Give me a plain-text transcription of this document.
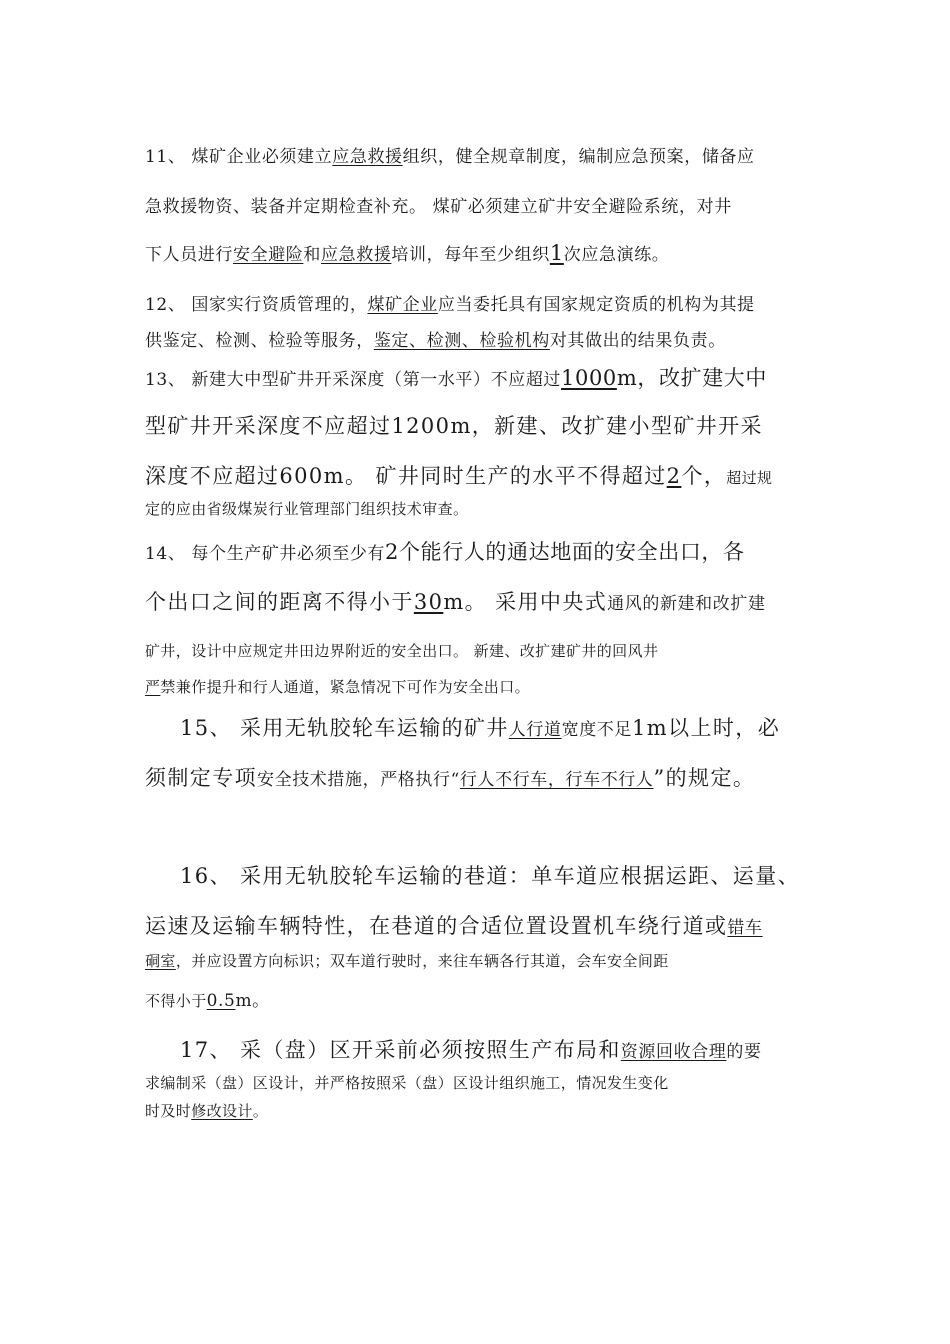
11、 煤矿企业必须建立应急救援组织，健全规章制度，编制应急预案，储备应

急救援物资、装备并定期检查补充。 煤矿必须建立矿井安全避险系统，对井

下人员进行安全避险和应急救援培训，每年至少组织1次应急演练。

12、 国家实行资质管理的，煤矿企业应当委托具有国家规定资质的机构为其提

供鉴定、检测、检验等服务，鉴定、检测、检验机构对其做出的结果负责。

13、 新建大中型矿井开采深度（第一水平）不应超过1000m，改扩建大中

型矿井开采深度不应超过1200m，新建、改扩建小型矿井开采

深度不应超过600m。 矿井同时生产的水平不得超过2个，超过规

定的应由省级煤炭行业管理部门组织技术审查。

14、 每个生产矿井必须至少有2个能行人的通达地面的安全出口，各

个出口之间的距离不得小于30m。 采用中央式通风的新建和改扩建

矿井，设计中应规定井田边界附近的安全出口。 新建、改扩建矿井的回风井

严禁兼作提升和行人通道，紧急情况下可作为安全出口。

15、 采用无轨胶轮车运输的矿井人行道宽度不足1m以上时，必

须制定专项安全技术措施，严格执行“行人不行车，行车不行人”的规定。

16、 采用无轨胶轮车运输的巷道：单车道应根据运距、运量、

运速及运输车辆特性，在巷道的合适位置设置机车绕行道或错车

硐室，并应设置方向标识；双车道行驶时，来往车辆各行其道，会车安全间距

不得小于0.5m。

17、 采（盘）区开采前必须按照生产布局和资源回收合理的要

求编制采（盘）区设计，并严格按照采（盘）区设计组织施工，情况发生变化

时及时修改设计。
